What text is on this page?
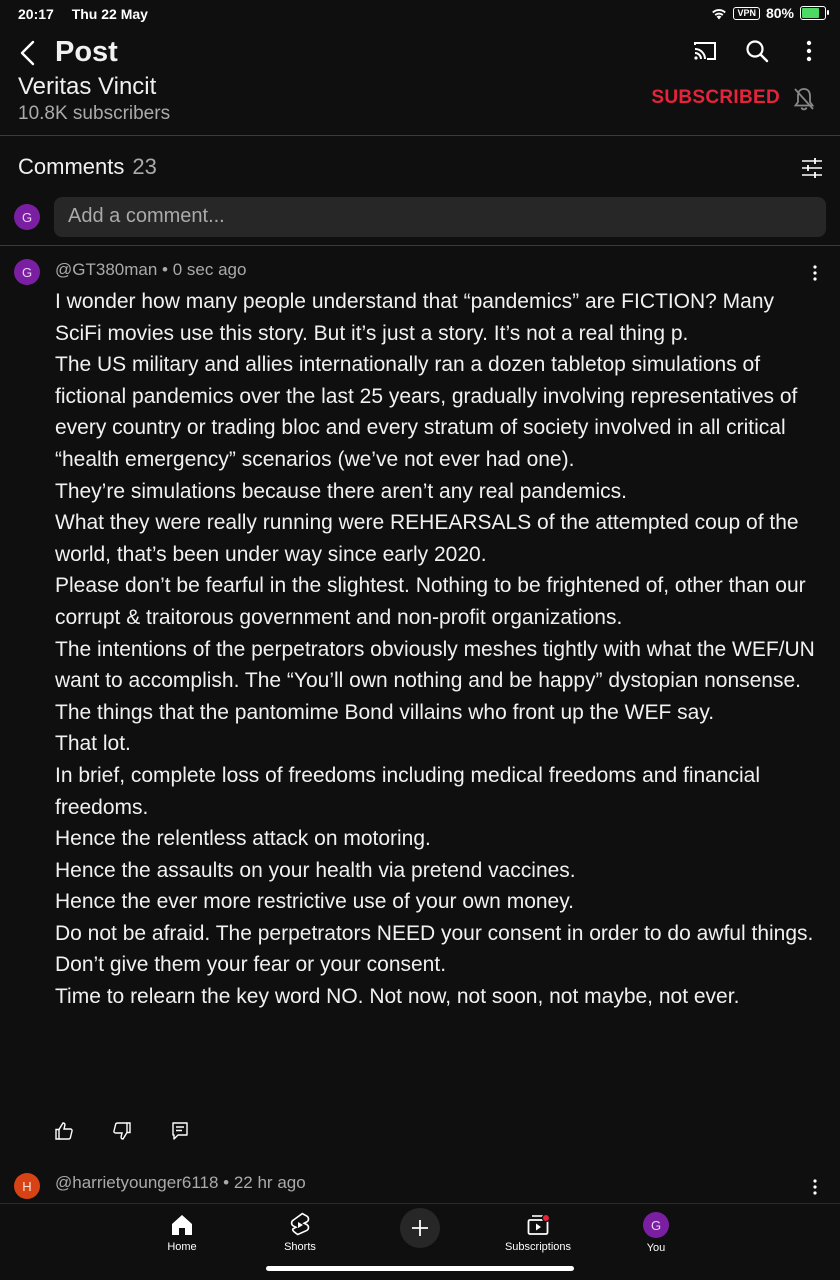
20:17 Thu 22 May	VPN 80%
Post
Veritas Vincit
10.8K subscribers
SUBSCRIBED
Comments 23
G	Add a comment...
G	@GT380man • 0 sec ago

I wonder how many people understand that “pandemics” are FICTION? Many SciFi movies use this story. But it’s just a story. It’s not a real thing p.

The US military and allies internationally ran a dozen tabletop simulations of fictional pandemics over the last 25 years, gradually involving representatives of every country or trading bloc and every stratum of society involved in all critical “health emergency” scenarios (we’ve not ever had one).

They’re simulations because there aren’t any real pandemics.

What they were really running were REHEARSALS of the attempted coup of the world, that’s been under way since early 2020.

Please don’t be fearful in the slightest. Nothing to be frightened of, other than our corrupt & traitorous government and non-profit organizations.

The intentions of the perpetrators obviously meshes tightly with what the WEF/UN want to accomplish. The “You’ll own nothing and be happy” dystopian nonsense. The things that the pantomime Bond villains who front up the WEF say.

That lot.

In brief, complete loss of freedoms including medical freedoms and financial freedoms.

Hence the relentless attack on motoring.

Hence the assaults on your health via pretend vaccines.

Hence the ever more restrictive use of your own money.

Do not be afraid. The perpetrators NEED your consent in order to do awful things. Don’t give them your fear or your consent.

Time to relearn the key word NO. Not now, not soon, not maybe, not ever.

H	@harrietyounger6118 • 22 hr ago
Home	Shorts	Subscriptions
G
You
